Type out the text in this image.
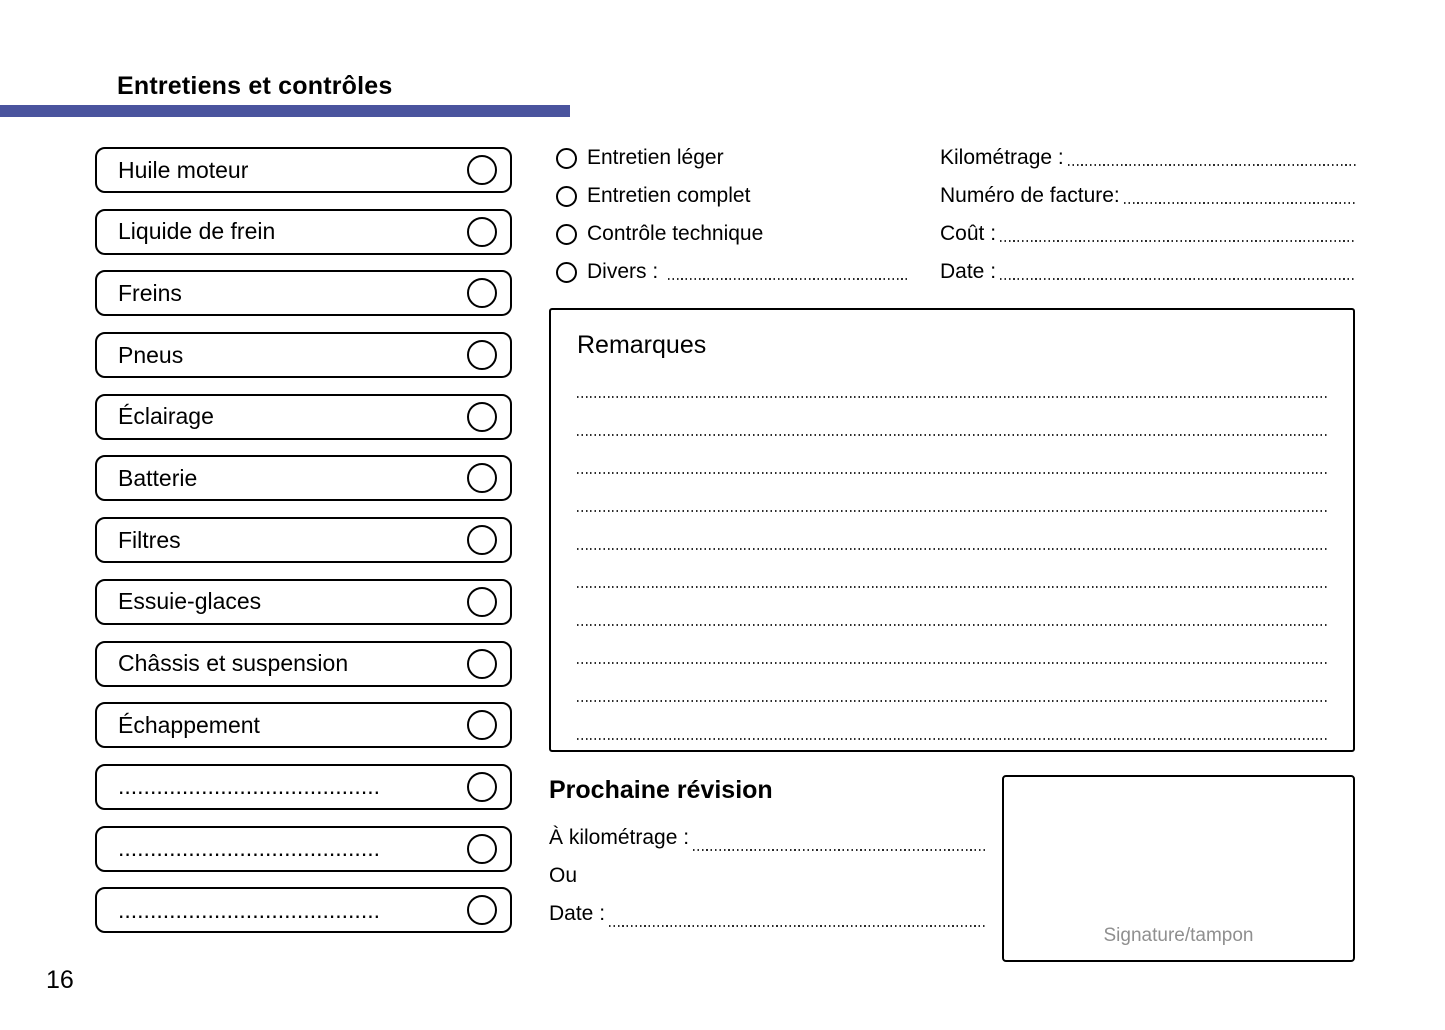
Entretiens et contrôles
Huile moteur
Liquide de frein
Freins
Pneus
Éclairage
Batterie
Filtres
Essuie-glaces
Châssis et suspension
Échappement
.........................................
.........................................
.........................................
Entretien léger
Entretien complet
Contrôle technique
Divers :
Kilométrage :
Numéro de facture:
Coût :
Date :
Remarques
Prochaine révision
À kilométrage :
Ou
Date :
Signature/tampon
16
